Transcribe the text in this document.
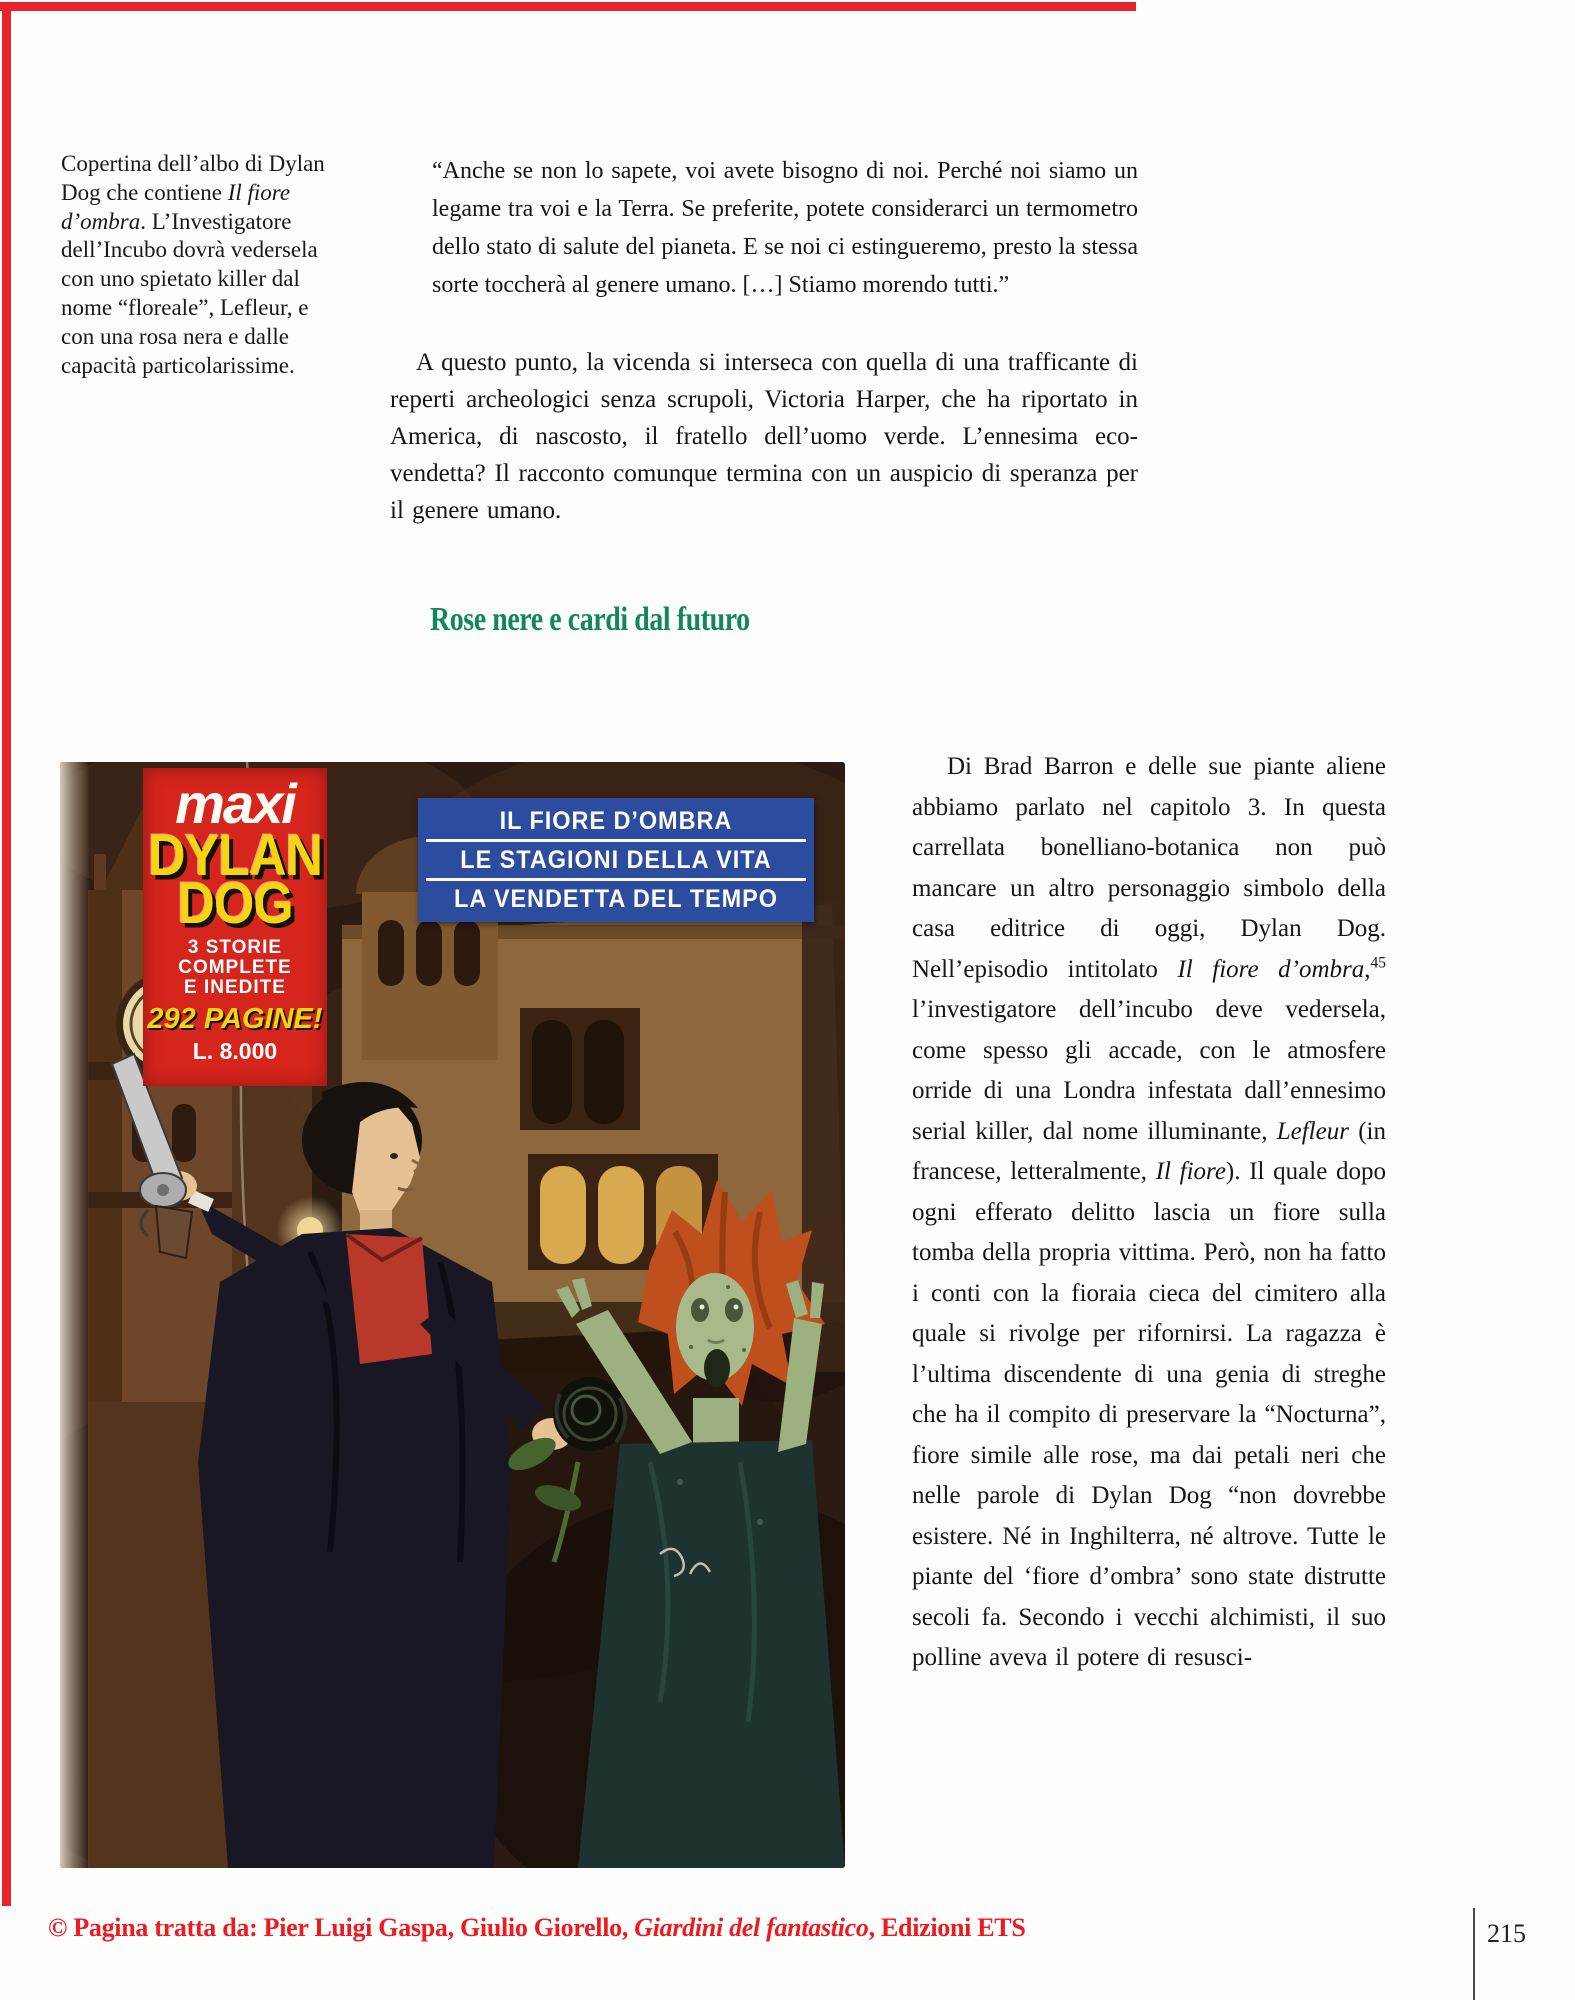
Copertina dell’albo di Dylan Dog che contiene Il fiore d’ombra. L’Investigatore dell’Incubo dovrà vedersela con uno spietato killer dal nome “floreale”, Lefleur, e con una rosa nera e dalle capacità particolarissime.
“Anche se non lo sapete, voi avete bisogno di noi. Perché noi siamo un legame tra voi e la Terra. Se preferite, potete considerarci un termometro dello stato di salute del pianeta. E se noi ci estingueremo, presto la stessa sorte toccherà al genere umano. […] Stiamo morendo tutti.”
A questo punto, la vicenda si interseca con quella di una trafficante di reperti archeologici senza scrupoli, Victoria Harper, che ha riportato in America, di nascosto, il fratello dell’uomo verde. L’ennesima eco-vendetta? Il racconto comunque termina con un auspicio di speranza per il genere umano.
Rose nere e cardi dal futuro
Di Brad Barron e delle sue piante aliene abbiamo parlato nel capitolo 3. In questa carrellata bonelliano-botanica non può mancare un altro personaggio simbolo della casa editrice di oggi, Dylan Dog. Nell’episodio intitolato Il fiore d’ombra,$^{45}$ l’investigatore dell’incubo deve vedersela, come spesso gli accade, con le atmosfere orride di una Londra infestata dall’ennesimo serial killer, dal nome illuminante, Lefleur (in francese, letteralmente, Il fiore). Il quale dopo ogni efferato delitto lascia un fiore sulla tomba della propria vittima. Però, non ha fatto i conti con la fioraia cieca del cimitero alla quale si rivolge per rifornirsi. La ragazza è l’ultima discendente di una genia di streghe che ha il compito di preservare la “Nocturna”, fiore simile alle rose, ma dai petali neri che nelle parole di Dylan Dog “non dovrebbe esistere. Né in Inghilterra, né altrove. Tutte le piante del ‘fiore d’ombra’ sono state distrutte secoli fa. Secondo i vecchi alchimisti, il suo polline aveva il potere di resusci-
maxi
DYLAN
DOG
3 STORIE
COMPLETE
E INEDITE
292 PAGINE!
L. 8.000
IL FIORE D’OMBRA
LE STAGIONI DELLA VITA
LA VENDETTA DEL TEMPO
© Pagina tratta da: Pier Luigi Gaspa, Giulio Giorello, Giardini del fantastico, Edizioni ETS	215
